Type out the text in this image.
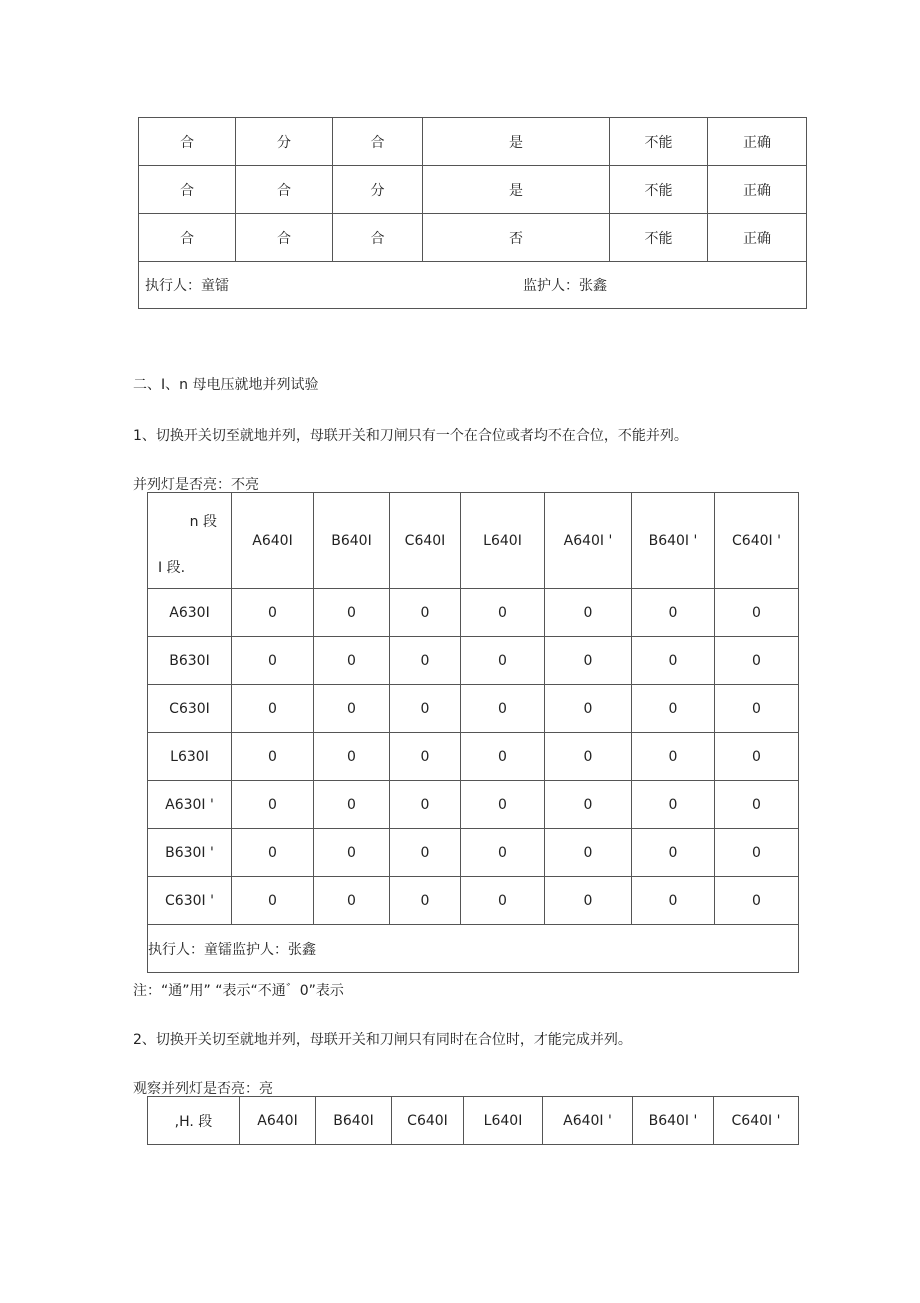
合	分	合	是	不能	正确
合	合	分	是	不能	正确
合	合	合	否	不能	正确
执行人：童镭 监护人：张鑫					
二、I、n 母电压就地并列试验
1、切换开关切至就地并列，母联开关和刀闸只有一个在合位或者均不在合位，不能并列。
并列灯是否亮：不亮
n 段
I 段.	A640I	B640I	C640I	L640I	A640I '	B640I '	C640I '
A630I	0	0	0	0	0	0	0
B630I	0	0	0	0	0	0	0
C630I	0	0	0	0	0	0	0
L630I	0	0	0	0	0	0	0
A630I '	0	0	0	0	0	0	0
B630I '	0	0	0	0	0	0	0
C630I '	0	0	0	0	0	0	0
执行人：童镭监护人：张鑫							
注：“通”用” “表示“不通゛0”表示
2、切换开关切至就地并列，母联开关和刀闸只有同时在合位时，才能完成并列。
观察并列灯是否亮：亮
,H. 段	A640I	B640I	C640I	L640I	A640I '	B640I '	C640I '
